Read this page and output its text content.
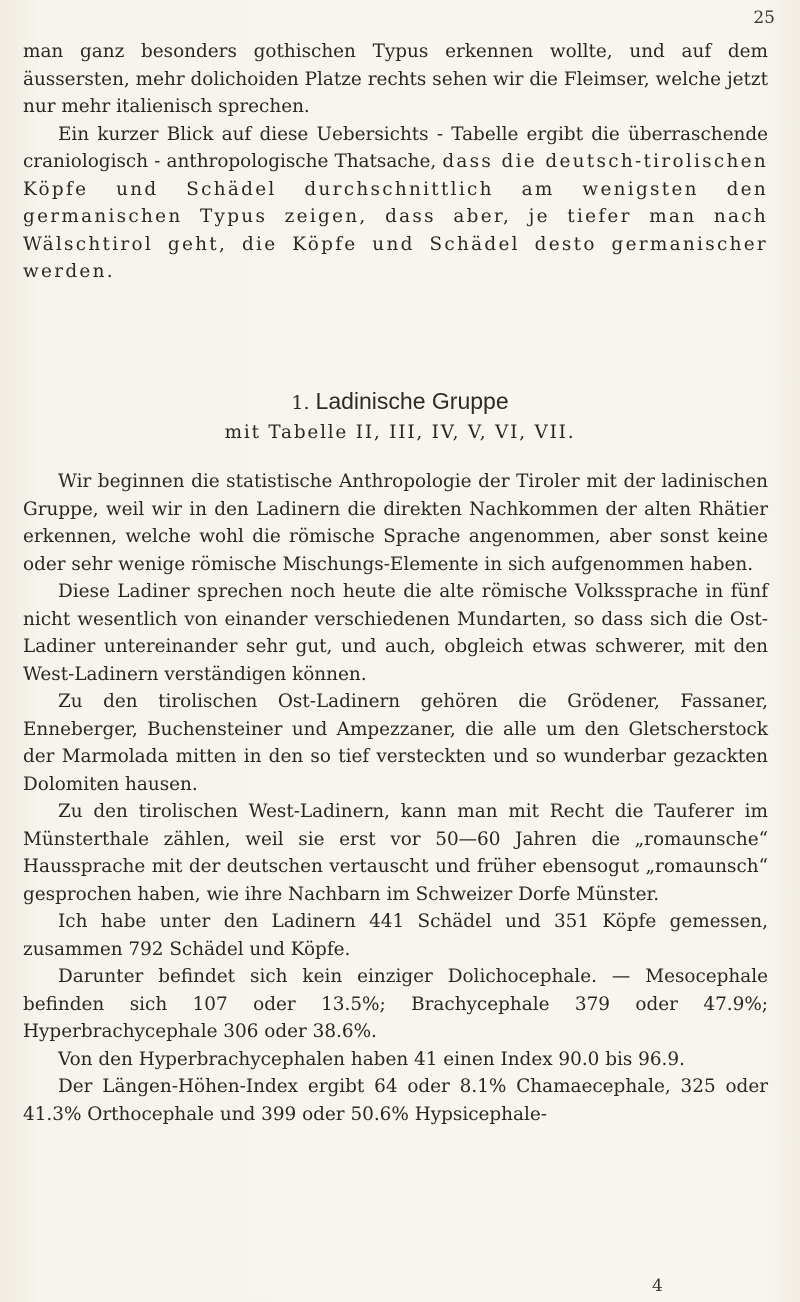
25

man ganz besonders gothischen Typus erkennen wollte, und auf dem äussersten, mehr dolichoiden Platze rechts sehen wir die Fleimser, welche jetzt nur mehr italienisch sprechen.

Ein kurzer Blick auf diese Uebersichts - Tabelle ergibt die überraschende craniologisch - anthropologische Thatsache, dass die deutsch-tirolischen Köpfe und Schädel durchschnittlich am wenigsten den germanischen Typus zeigen, dass aber, je tiefer man nach Wälschtirol geht, die Köpfe und Schädel desto germanischer werden.

1. Ladinische Gruppe
mit Tabelle II, III, IV, V, VI, VII.

Wir beginnen die statistische Anthropologie der Tiroler mit der ladinischen Gruppe, weil wir in den Ladinern die direkten Nachkommen der alten Rhätier erkennen, welche wohl die römische Sprache angenommen, aber sonst keine oder sehr wenige römische Mischungs-Elemente in sich aufgenommen haben.

Diese Ladiner sprechen noch heute die alte römische Volkssprache in fünf nicht wesentlich von einander verschiedenen Mundarten, so dass sich die Ost-Ladiner untereinander sehr gut, und auch, obgleich etwas schwerer, mit den West-Ladinern verständigen können.

Zu den tirolischen Ost-Ladinern gehören die Grödener, Fassaner, Enneberger, Buchensteiner und Ampezzaner, die alle um den Gletscherstock der Marmolada mitten in den so tief versteckten und so wunderbar gezackten Dolomiten hausen.

Zu den tirolischen West-Ladinern, kann man mit Recht die Tauferer im Münsterthale zählen, weil sie erst vor 50—60 Jahren die „romaunsche“ Haussprache mit der deutschen vertauscht und früher ebensogut „romaunsch“ gesprochen haben, wie ihre Nachbarn im Schweizer Dorfe Münster.

Ich habe unter den Ladinern 441 Schädel und 351 Köpfe gemessen, zusammen 792 Schädel und Köpfe.

Darunter befindet sich kein einziger Dolichocephale. — Mesocephale befinden sich 107 oder 13.5%; Brachycephale 379 oder 47.9%; Hyperbrachycephale 306 oder 38.6%.

Von den Hyperbrachycephalen haben 41 einen Index 90.0 bis 96.9.

Der Längen-Höhen-Index ergibt 64 oder 8.1% Chamaecephale, 325 oder 41.3% Orthocephale und 399 oder 50.6% Hypsicephale-

4
